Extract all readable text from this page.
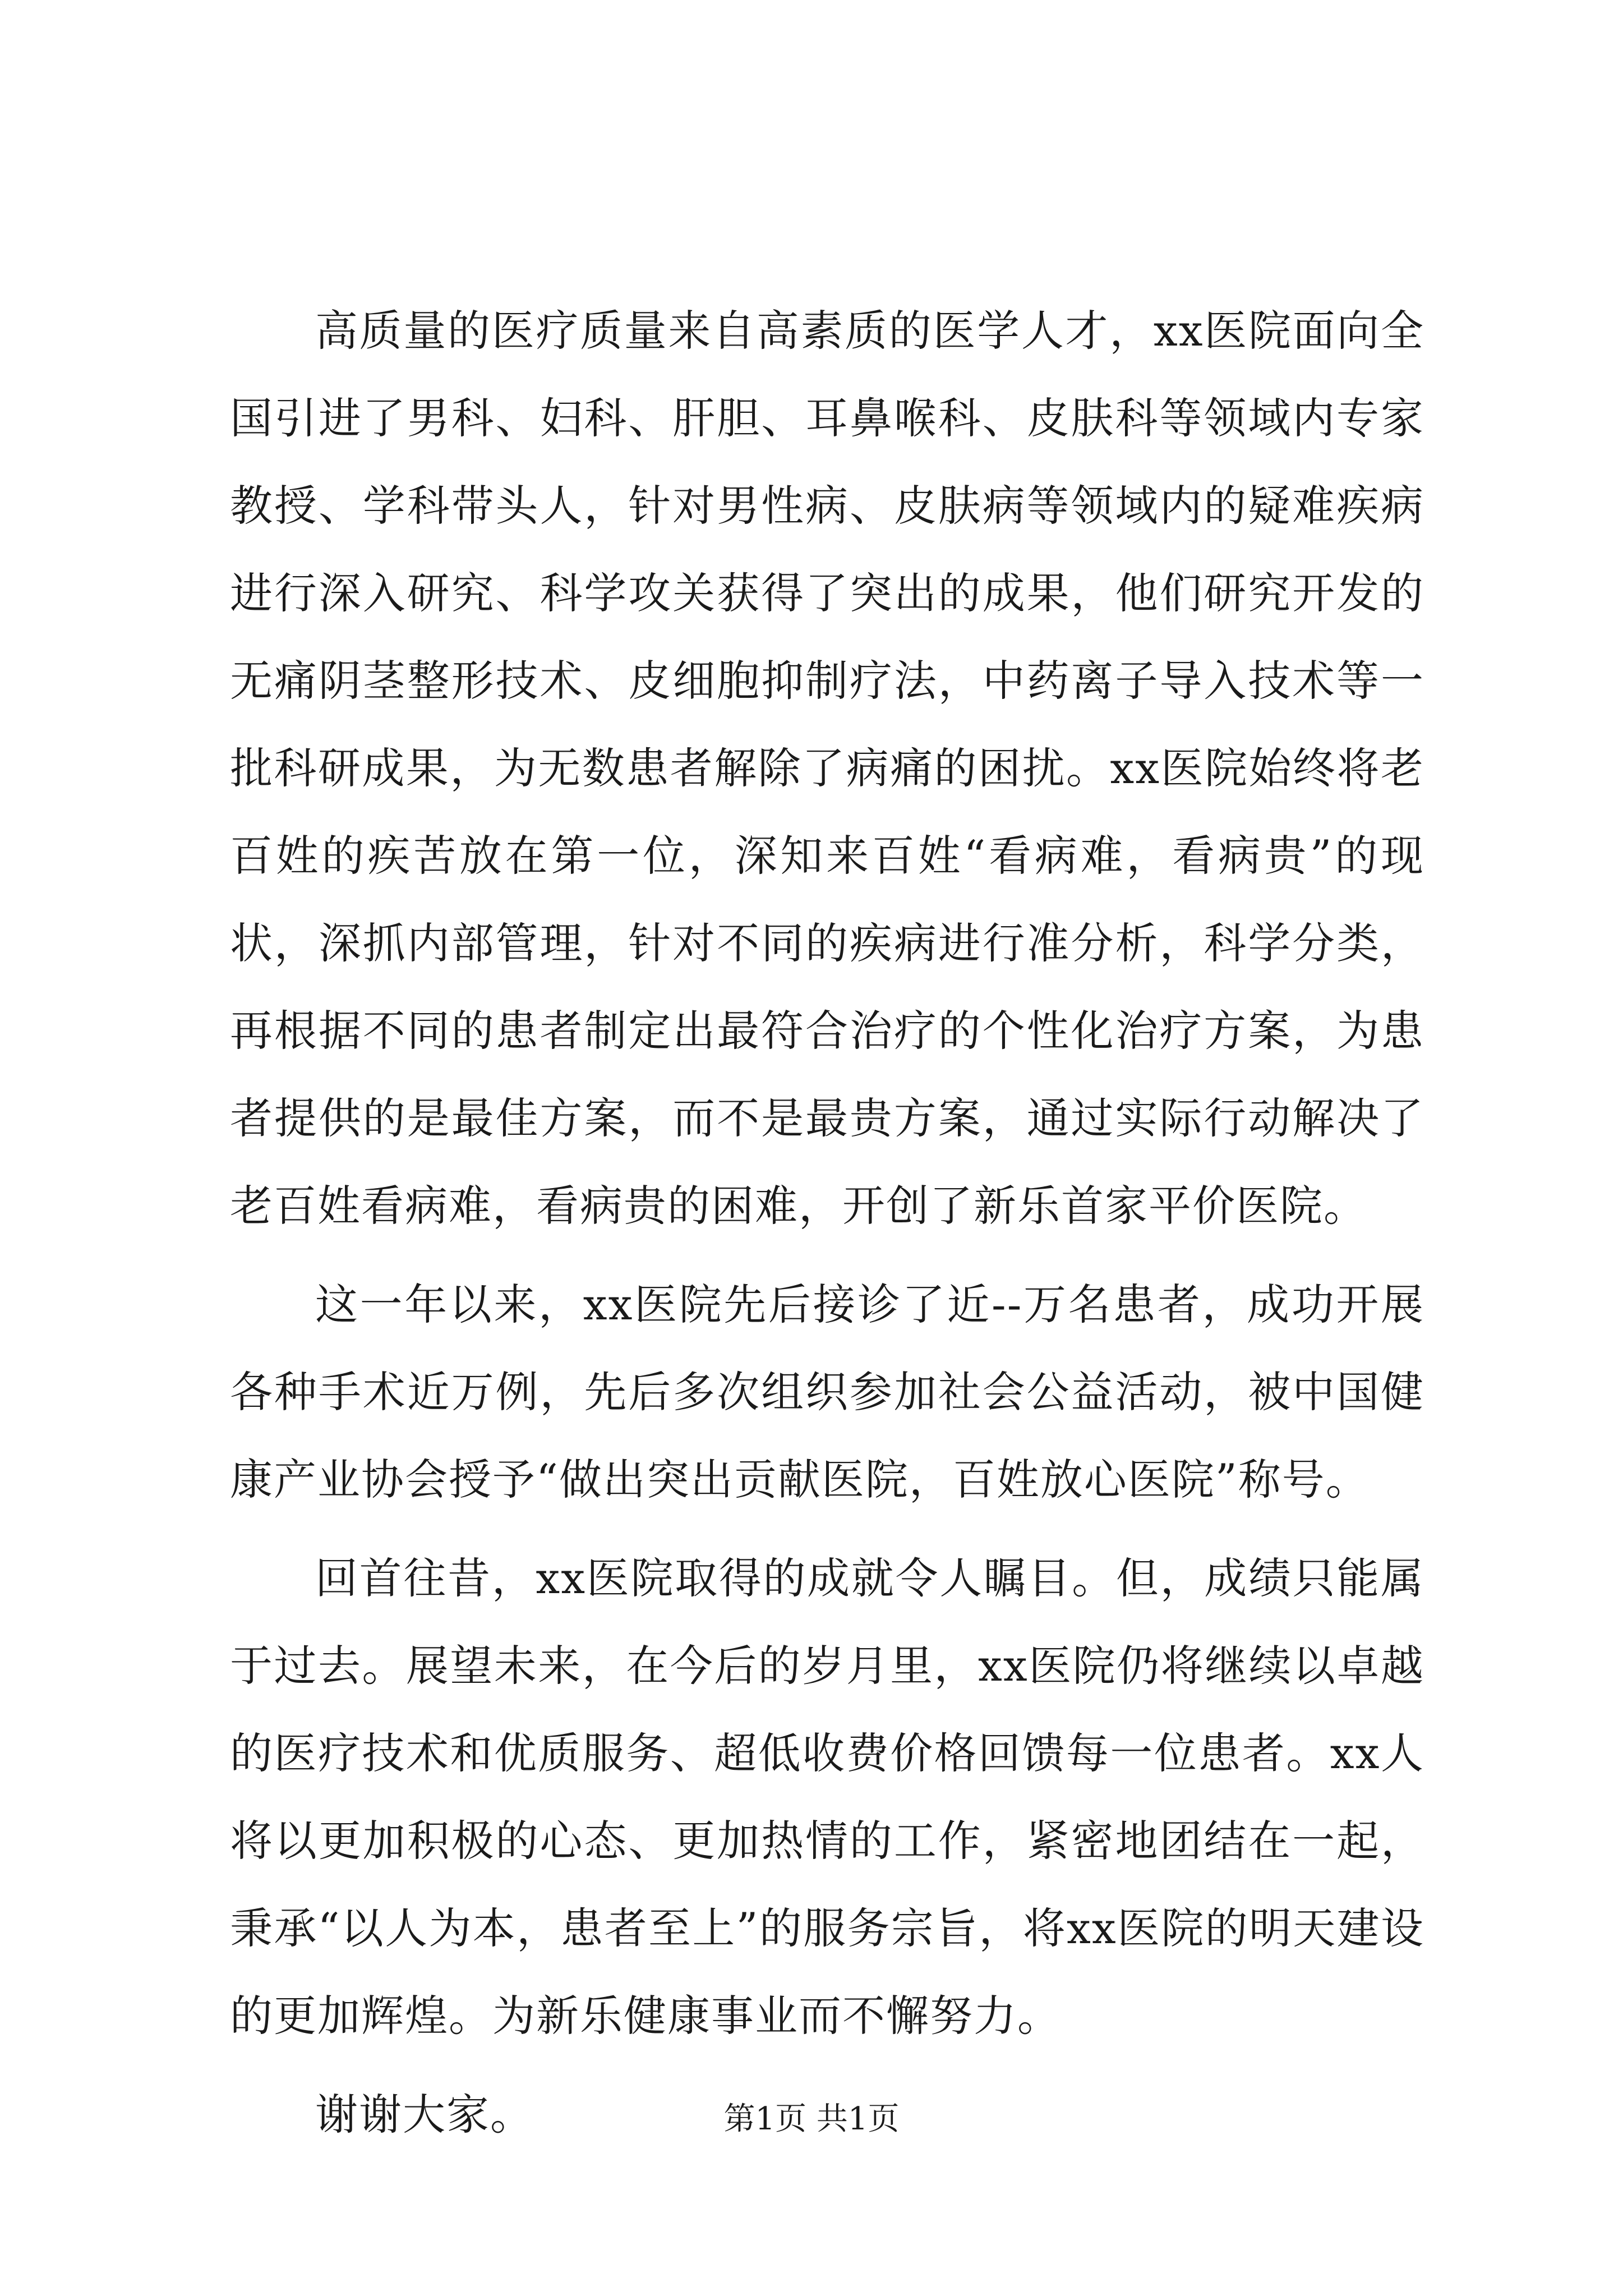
高质量的医疗质量来自高素质的医学人才，xx医院面向全国引进了男科、妇科、肝胆、耳鼻喉科、皮肤科等领域内专家教授、学科带头人，针对男性病、皮肤病等领域内的疑难疾病进行深入研究、科学攻关获得了突出的成果，他们研究开发的无痛阴茎整形技术、皮细胞抑制疗法，中药离子导入技术等一批科研成果，为无数患者解除了病痛的困扰。xx医院始终将老百姓的疾苦放在第一位，深知来百姓“看病难，看病贵”的现状，深抓内部管理，针对不同的疾病进行准分析，科学分类，再根据不同的患者制定出最符合治疗的个性化治疗方案，为患者提供的是最佳方案，而不是最贵方案，通过实际行动解决了老百姓看病难，看病贵的困难，开创了新乐首家平价医院。

这一年以来，xx医院先后接诊了近--万名患者，成功开展各种手术近万例，先后多次组织参加社会公益活动，被中国健康产业协会授予“做出突出贡献医院，百姓放心医院”称号。

回首往昔，xx医院取得的成就令人瞩目。但，成绩只能属于过去。展望未来，在今后的岁月里，xx医院仍将继续以卓越的医疗技术和优质服务、超低收费价格回馈每一位患者。xx人将以更加积极的心态、更加热情的工作，紧密地团结在一起，秉承“以人为本，患者至上”的服务宗旨，将xx医院的明天建设的更加辉煌。为新乐健康事业而不懈努力。

谢谢大家。	第1页 共1页
